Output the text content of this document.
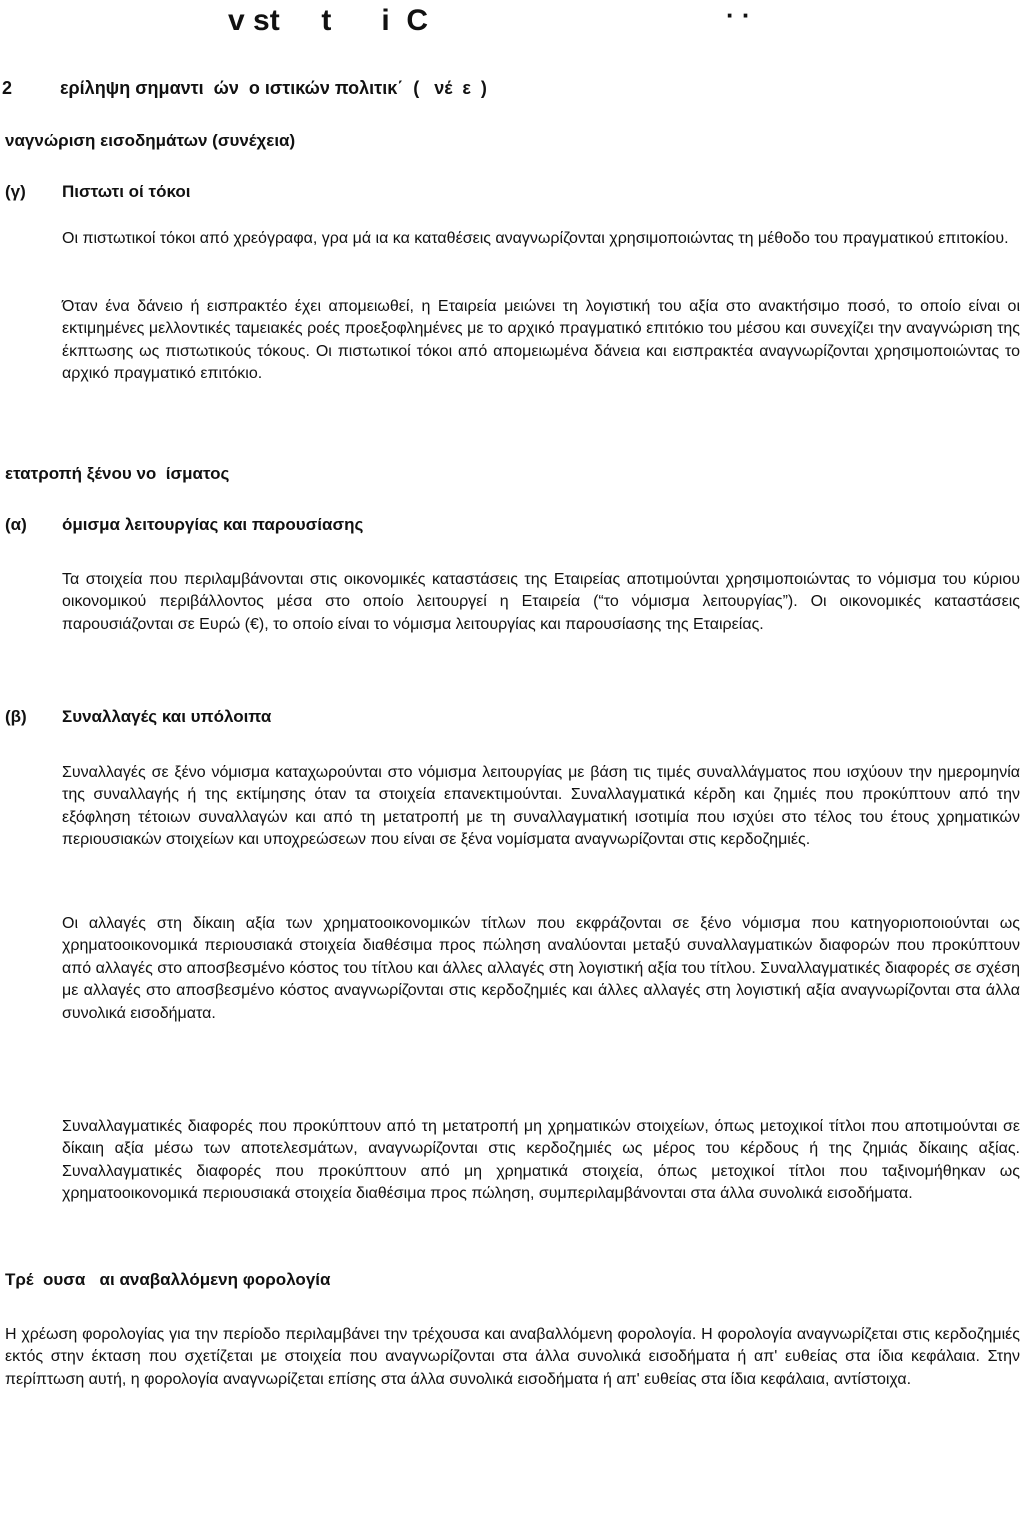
v st     t      i  C	· ·
2	ερίληψη σημαντι  ών  ο ιστικών πολιτικ΄  (   νέ  ε  )
ναγνώριση εισοδημάτων (συνέχεια)
(γ) Πιστωτι οί τόκοι

Οι πιστωτικοί τόκοι από χρεόγραφα, γρα μά ια κα καταθέσεις αναγνωρίζονται χρησιμοποιώντας τη μέθοδο του πραγματικού επιτοκίου.

Όταν ένα δάνειο ή εισπρακτέο έχει απομειωθεί, η Εταιρεία μειώνει τη λογιστική του αξία στο ανακτήσιμο ποσό, το οποίο είναι οι εκτιμημένες μελλοντικές ταμειακές ροές προεξοφλημένες με το αρχικό πραγματικό επιτόκιο του μέσου και συνεχίζει την αναγνώριση της έκπτωσης ως πιστωτικούς τόκους. Οι πιστωτικοί τόκοι από απομειωμένα δάνεια και εισπρακτέα αναγνωρίζονται χρησιμοποιώντας το αρχικό πραγματικό επιτόκιο.

ετατροπή ξένου νο  ίσματος
(α) όμισμα λειτουργίας και παρουσίασης

Τα στοιχεία που περιλαμβάνονται στις οικονομικές καταστάσεις της Εταιρείας αποτιμούνται χρησιμοποιώντας το νόμισμα του κύριου οικονομικού περιβάλλοντος μέσα στο οποίο λειτουργεί η Εταιρεία (“το νόμισμα λειτουργίας”). Οι οικονομικές καταστάσεις παρουσιάζονται σε Ευρώ (€), το οποίο είναι το νόμισμα λειτουργίας και παρουσίασης της Εταιρείας.

(β) Συναλλαγές και υπόλοιπα

Συναλλαγές σε ξένο νόμισμα καταχωρούνται στο νόμισμα λειτουργίας με βάση τις τιμές συναλλάγματος που ισχύουν την ημερομηνία της συναλλαγής ή της εκτίμησης όταν τα στοιχεία επανεκτιμούνται. Συναλλαγματικά κέρδη και ζημιές που προκύπτουν από την εξόφληση τέτοιων συναλλαγών και από τη μετατροπή με τη συναλλαγματική ισοτιμία που ισχύει στο τέλος του έτους χρηματικών περιουσιακών στοιχείων και υποχρεώσεων που είναι σε ξένα νομίσματα αναγνωρίζονται στις κερδοζημιές.

Οι αλλαγές στη δίκαιη αξία των χρηματοοικονομικών τίτλων που εκφράζονται σε ξένο νόμισμα που κατηγοριοποιούνται ως χρηματοοικονομικά περιουσιακά στοιχεία διαθέσιμα προς πώληση αναλύονται μεταξύ συναλλαγματικών διαφορών που προκύπτουν από αλλαγές στο αποσβεσμένο κόστος του τίτλου και άλλες αλλαγές στη λογιστική αξία του τίτλου. Συναλλαγματικές διαφορές σε σχέση με αλλαγές στο αποσβεσμένο κόστος αναγνωρίζονται στις κερδοζημιές και άλλες αλλαγές στη λογιστική αξία αναγνωρίζονται στα άλλα συνολικά εισοδήματα.

Συναλλαγματικές διαφορές που προκύπτουν από τη μετατροπή μη χρηματικών στοιχείων, όπως μετοχικοί τίτλοι που αποτιμούνται σε δίκαιη αξία μέσω των αποτελεσμάτων, αναγνωρίζονται στις κερδοζημιές ως μέρος του κέρδους ή της ζημιάς δίκαιης αξίας. Συναλλαγματικές διαφορές που προκύπτουν από μη χρηματικά στοιχεία, όπως μετοχικοί τίτλοι που ταξινομήθηκαν ως χρηματοοικονομικά περιουσιακά στοιχεία διαθέσιμα προς πώληση, συμπεριλαμβάνονται στα άλλα συνολικά εισοδήματα.

Τρέ  ουσα   αι αναβαλλόμενη φορολογία

Η χρέωση φορολογίας για την περίοδο περιλαμβάνει την τρέχουσα και αναβαλλόμενη φορολογία. Η φορολογία αναγνωρίζεται στις κερδοζημιές εκτός στην έκταση που σχετίζεται με στοιχεία που αναγνωρίζονται στα άλλα συνολικά εισοδήματα ή απ' ευθείας στα ίδια κεφάλαια. Στην περίπτωση αυτή, η φορολογία αναγνωρίζεται επίσης στα άλλα συνολικά εισοδήματα ή απ' ευθείας στα ίδια κεφάλαια, αντίστοιχα.
